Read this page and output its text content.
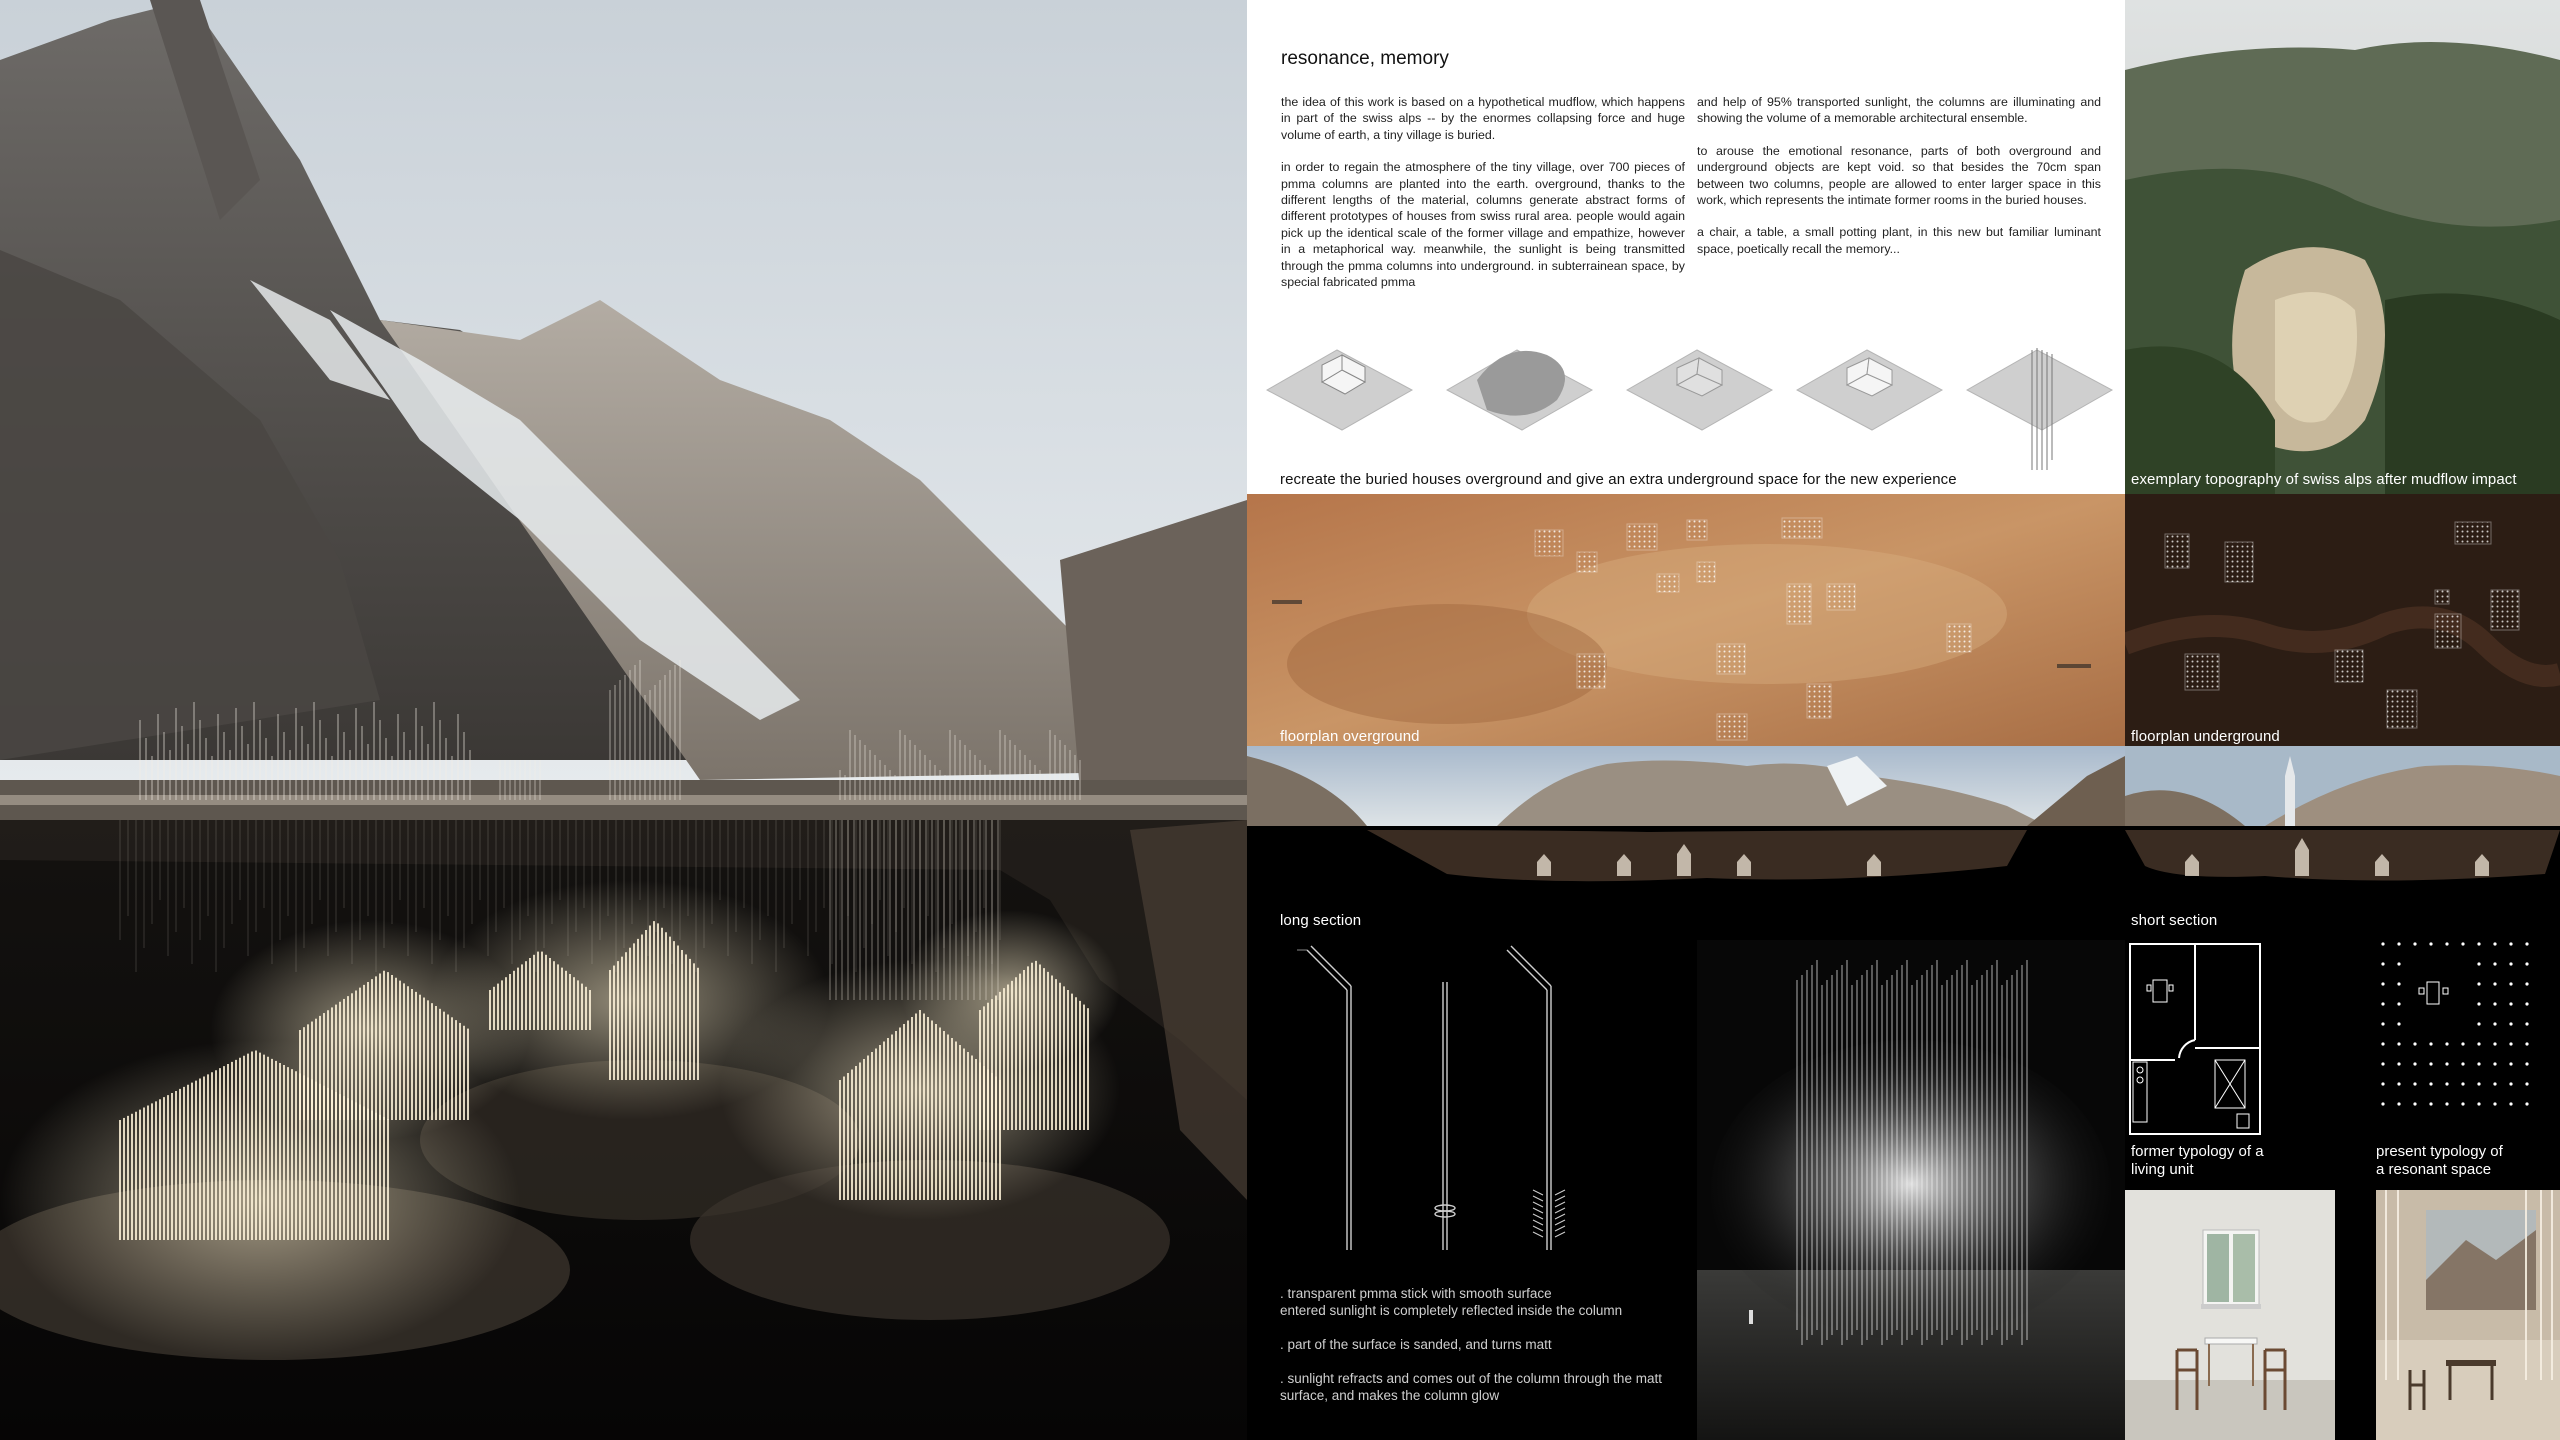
resonance, memory

the idea of this work is based on a hypothetical mudflow, which happens in part of the swiss alps -- by the enormes collapsing force and huge volume of earth, a tiny village is buried.

in order to regain the atmosphere of the tiny village, over 700 pieces of pmma columns are planted into the earth. overground, thanks to the different lengths of the material, columns generate abstract forms of different prototypes of houses from swiss rural area. people would again pick up the identical scale of the former village and empathize, however in a metaphorical way. meanwhile, the sunlight is being transmitted through the pmma columns into underground. in subterrainean space, by special fabricated pmma

and help of 95% transported sunlight, the columns are illuminating and showing the volume of a memorable architectural ensemble.

to arouse the emotional resonance, parts of both overground and underground objects are kept void. so that besides the 70cm span between two columns, people are allowed to enter larger space in this work, which represents the intimate former rooms in the buried houses.

a chair, a table, a small potting plant, in this new but familiar luminant space, poetically recall the memory...

recreate the buried houses overground and give an extra underground space for the new experience	exemplary topography of swiss alps after mudflow impact
floorplan overground	floorplan underground
long section	short section
. transparent pmma stick with smooth surface
entered sunlight is completely reflected inside the column
. part of the surface is sanded, and turns matt
. sunlight refracts and comes out of the column through the matt
surface, and makes the column glow
former typology of a
living unit
present typology of
a resonant space
